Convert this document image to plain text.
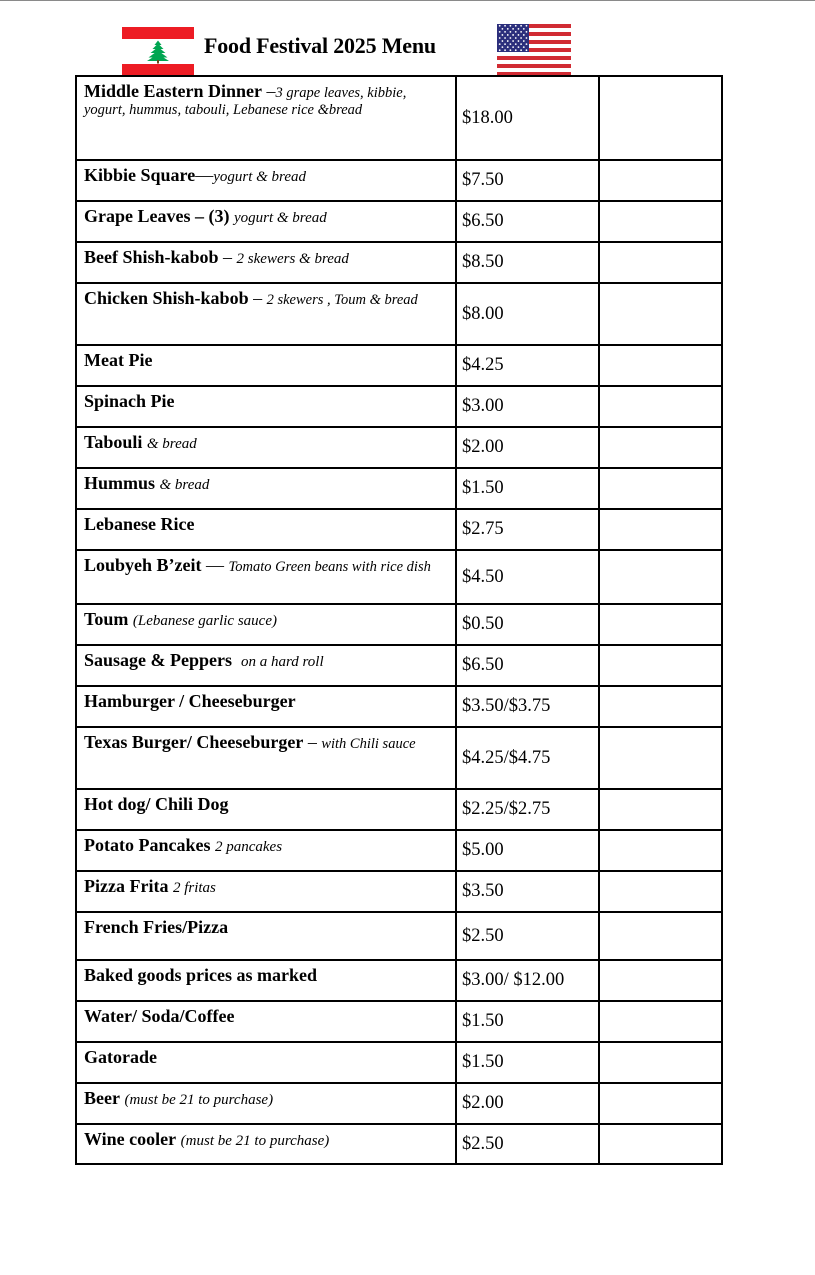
Food Festival 2025 Menu
Middle Eastern Dinner –3 grape leaves, kibbie, yogurt, hummus, tabouli, Lebanese rice &bread	$18.00	

Kibbie Square—yogurt & bread	$7.50	

Grape Leaves – (3) yogurt & bread	$6.50	

Beef Shish-kabob – 2 skewers & bread	$8.50	

Chicken Shish-kabob – 2 skewers , Toum & bread	$8.00	

Meat Pie	$4.25	

Spinach Pie	$3.00	

Tabouli & bread	$2.00	

Hummus & bread	$1.50	

Lebanese Rice	$2.75	

Loubyeh B’zeit — Tomato Green beans with rice dish	$4.50	

Toum (Lebanese garlic sauce)	$0.50	

Sausage & Peppers on a hard roll	$6.50	

Hamburger / Cheeseburger	$3.50/$3.75	

Texas Burger/ Cheeseburger – with Chili sauce	$4.25/$4.75	

Hot dog/ Chili Dog	$2.25/$2.75	

Potato Pancakes 2 pancakes	$5.00	

Pizza Frita 2 fritas	$3.50	

French Fries/Pizza	$2.50	

Baked goods prices as marked	$3.00/ $12.00	

Water/ Soda/Coffee	$1.50	

Gatorade	$1.50	

Beer (must be 21 to purchase)	$2.00	

Wine cooler (must be 21 to purchase)	$2.50	
